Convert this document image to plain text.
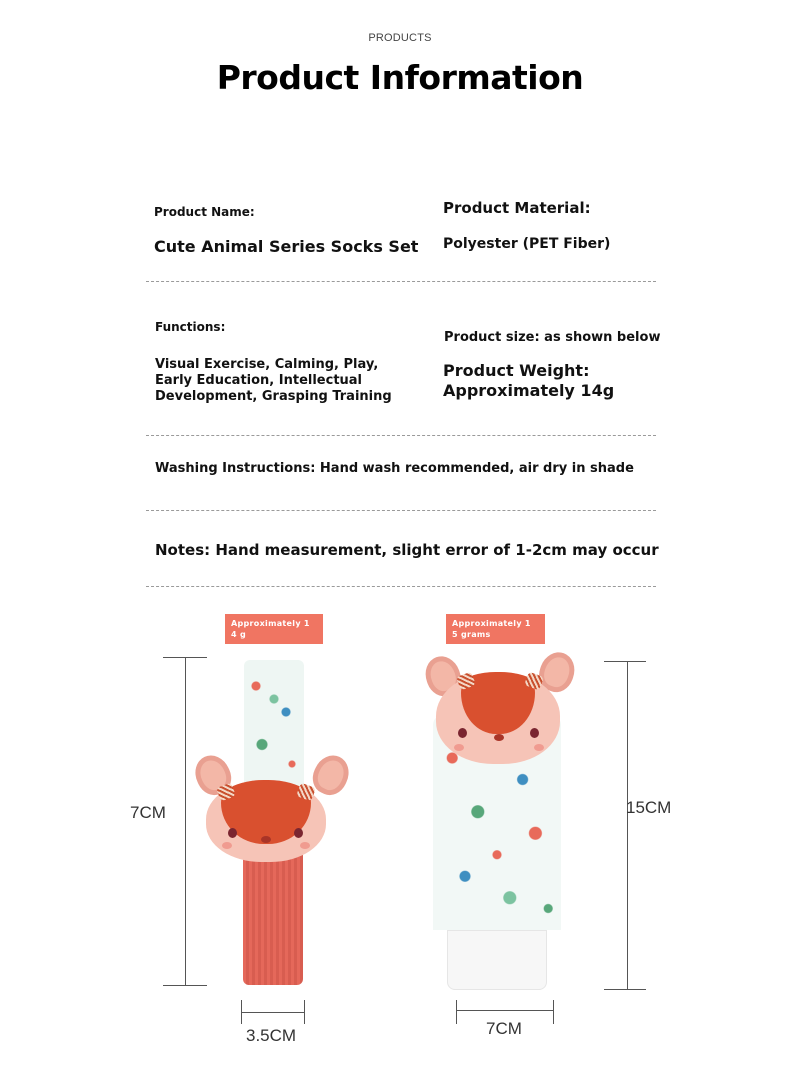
PRODUCTS
Product Information
Product Name:
Cute Animal Series Socks Set
Product Material:
Polyester (PET Fiber)
Functions:
Visual Exercise, Calming, Play, Early Education, Intellectual Development, Grasping Training
Product size: as shown below
Product Weight:
Approximately 14g
Washing Instructions: Hand wash recommended, air dry in shade
Notes: Hand measurement, slight error of 1-2cm may occur
Approximately 1 4 g
7CM
3.5CM
Approximately 1 5 grams
15CM
7CM
